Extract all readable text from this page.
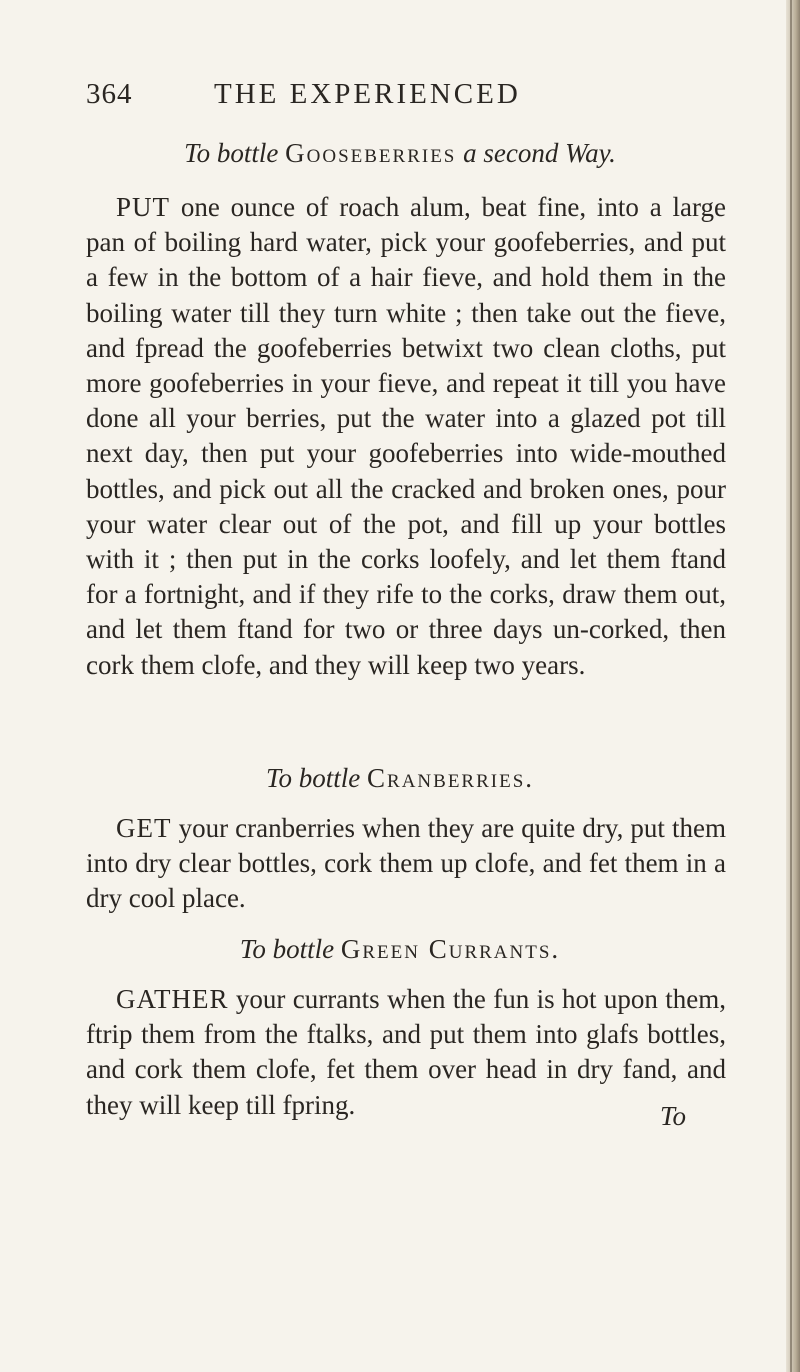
364	THE EXPERIENCED
To bottle Gooseberries a second Way.

PUT one ounce of roach alum, beat fine, into a large pan of boiling hard water, pick your goofeberries, and put a few in the bottom of a hair fieve, and hold them in the boiling water till they turn white ; then take out the fieve, and fpread the goofeberries betwixt two clean cloths, put more goofeberries in your fieve, and repeat it till you have done all your berries, put the water into a glazed pot till next day, then put your goofeberries into wide-mouthed bottles, and pick out all the cracked and broken ones, pour your water clear out of the pot, and fill up your bottles with it ; then put in the corks loofely, and let them ftand for a fortnight, and if they rife to the corks, draw them out, and let them ftand for two or three days un-corked, then cork them clofe, and they will keep two years.

To bottle Cranberries.

GET your cranberries when they are quite dry, put them into dry clear bottles, cork them up clofe, and fet them in a dry cool place.

To bottle Green Currants.

GATHER your currants when the fun is hot upon them, ftrip them from the ftalks, and put them into glafs bottles, and cork them clofe, fet them over head in dry fand, and they will keep till fpring.	To
